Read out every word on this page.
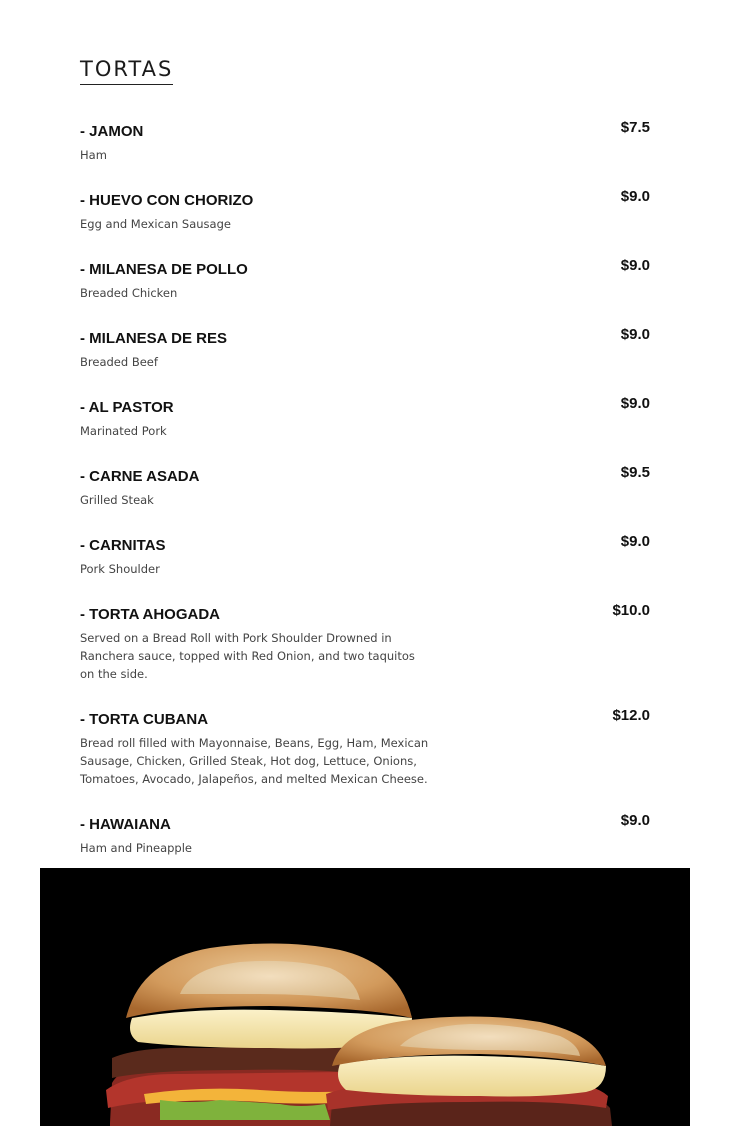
TORTAS
- JAMON
Ham
$7.5
- HUEVO CON CHORIZO
Egg and Mexican Sausage
$9.0
- MILANESA DE POLLO
Breaded Chicken
$9.0
- MILANESA DE RES
Breaded Beef
$9.0
- AL PASTOR
Marinated Pork
$9.0
- CARNE ASADA
Grilled Steak
$9.5
- CARNITAS
Pork Shoulder
$9.0
- TORTA AHOGADA
Served on a Bread Roll with Pork Shoulder Drowned in Ranchera sauce, topped with Red Onion, and two taquitos on the side.
$10.0
- TORTA CUBANA
Bread roll filled with Mayonnaise, Beans, Egg, Ham, Mexican Sausage, Chicken, Grilled Steak, Hot dog, Lettuce, Onions, Tomatoes, Avocado, Jalapeños, and melted Mexican Cheese.
$12.0
- HAWAIANA
Ham and Pineapple
$9.0
